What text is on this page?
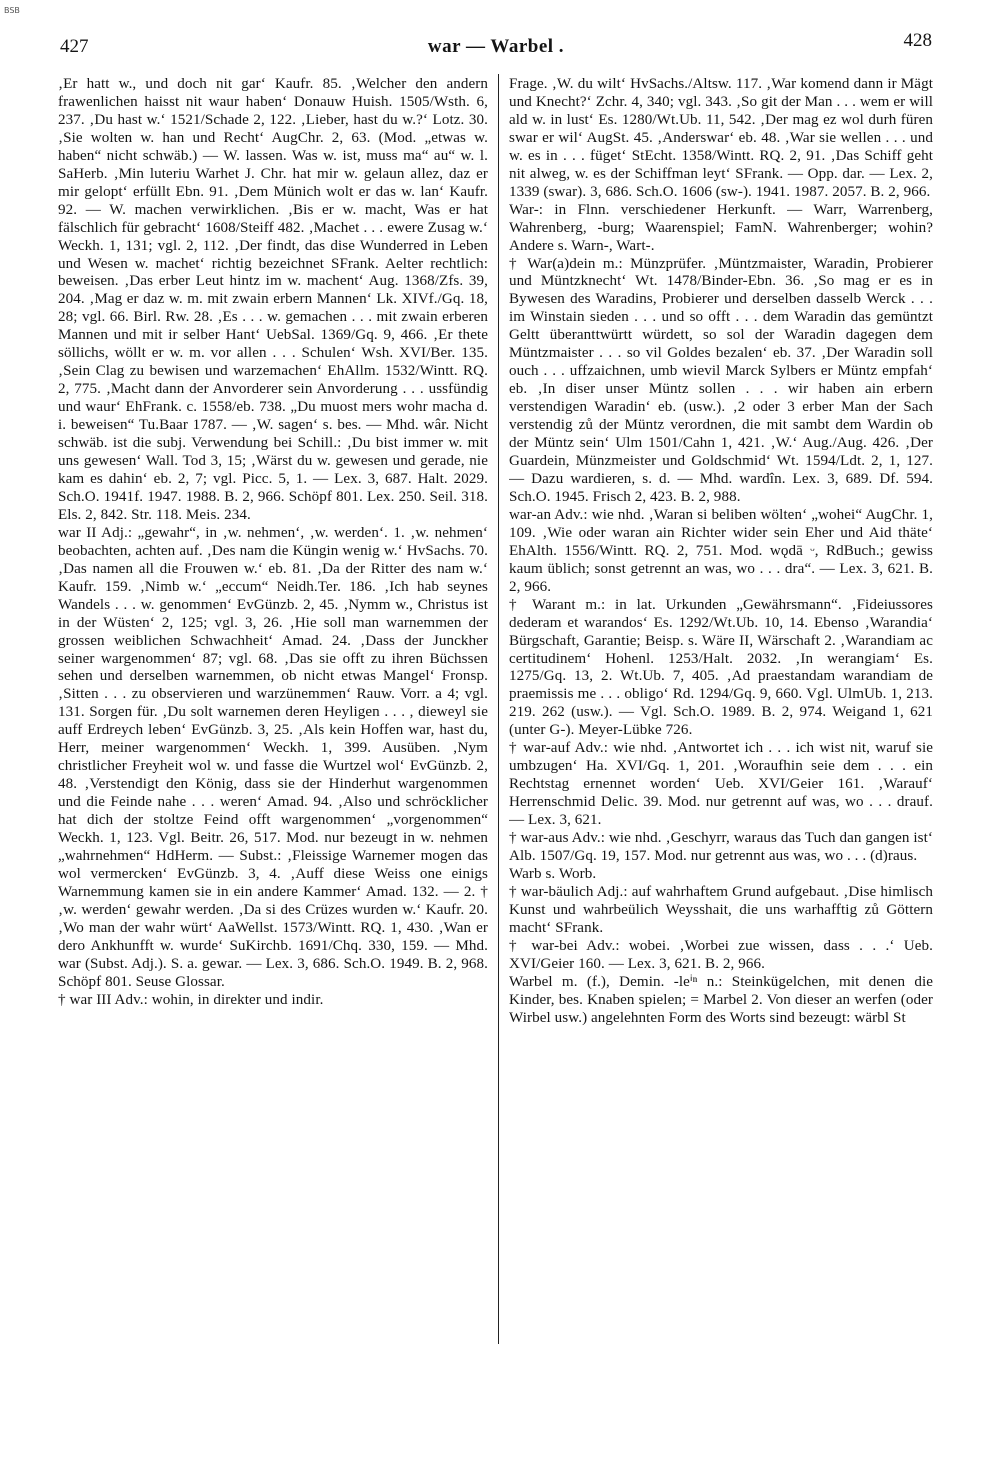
BSB
427	war — Warbel .	428

‚Er hatt w., und doch nit gar‘ Kaufr. 85. ‚Welcher den andern frawenlichen haisst nit waur haben‘ Donauw Huish. 1505/Wsth. 6, 237. ‚Du hast w.‘ 1521/Schade 2, 122. ‚Lieber, hast du w.?‘ Lotz. 30. ‚Sie wolten w. han und Recht‘ AugChr. 2, 63. (Mod. „etwas w. haben“ nicht schwäb.) — W. lassen. Was w. ist, muss ma“ au“ w. l. SaHerb. ‚Min luteriu Warhet J. Chr. hat mir w. gelaun allez, daz er mir gelopt‘ erfüllt Ebn. 91. ‚Dem Münich wolt er das w. lan‘ Kaufr. 92. — W. machen verwirklichen. ‚Bis er w. macht, Was er hat fälschlich für gebracht‘ 1608/Steiff 482. ‚Machet . . . ewere Zusag w.‘ Weckh. 1, 131; vgl. 2, 112. ‚Der findt, das dise Wunderred in Leben und Wesen w. machet‘ richtig bezeichnet SFrank. Aelter rechtlich: beweisen. ‚Das erber Leut hintz im w. machent‘ Aug. 1368/Zfs. 39, 204. ‚Mag er daz w. m. mit zwain erbern Mannen‘ Lk. XIVf./Gq. 18, 28; vgl. 66. Birl. Rw. 28. ‚Es . . . w. gemachen . . . mit zwain erberen Mannen und mit ir selber Hant‘ UebSal. 1369/Gq. 9, 466. ‚Er thete söllichs, wöllt er w. m. vor allen . . . Schulen‘ Wsh. XVI/Ber. 135. ‚Sein Clag zu bewisen und warzemachen‘ EhAllm. 1532/Wintt. RQ. 2, 775. ‚Macht dann der Anvorderer sein Anvorderung . . . ussfündig und waur‘ EhFrank. c. 1558/eb. 738. „Du muost mers wohr macha d. i. beweisen“ Tu.Baar 1787. — ‚W. sagen‘ s. bes. — Mhd. wâr. Nicht schwäb. ist die subj. Verwendung bei Schill.: ‚Du bist immer w. mit uns gewesen‘ Wall. Tod 3, 15; ‚Wärst du w. gewesen und gerade, nie kam es dahin‘ eb. 2, 7; vgl. Picc. 5, 1. — Lex. 3, 687. Halt. 2029. Sch.O. 1941f. 1947. 1988. B. 2, 966. Schöpf 801. Lex. 250. Seil. 318. Els. 2, 842. Str. 118. Meis. 234.

war II Adj.: „gewahr“, in ‚w. nehmen‘, ‚w. werden‘. 1. ‚w. nehmen‘ beobachten, achten auf. ‚Des nam die Küngin wenig w.‘ HvSachs. 70. ‚Das namen all die Frouwen w.‘ eb. 81. ‚Da der Ritter des nam w.‘ Kaufr. 159. ‚Nimb w.‘ „eccum“ Neidh.Ter. 186. ‚Ich hab seynes Wandels . . . w. genommen‘ EvGünzb. 2, 45. ‚Nymm w., Christus ist in der Wüsten‘ 2, 125; vgl. 3, 26. ‚Hie soll man warnemmen der grossen weiblichen Schwachheit‘ Amad. 24. ‚Dass der Junckher seiner wargenommen‘ 87; vgl. 68. ‚Das sie offt zu ihren Büchssen sehen und derselben warnemmen, ob nicht etwas Mangel‘ Fronsp. ‚Sitten . . . zu observieren und warzünemmen‘ Rauw. Vorr. a 4; vgl. 131. Sorgen für. ‚Du solt warnemen deren Heyligen . . . , dieweyl sie auff Erdreych leben‘ EvGünzb. 3, 25. ‚Als kein Hoffen war, hast du, Herr, meiner wargenommen‘ Weckh. 1, 399. Ausüben. ‚Nym christlicher Freyheit wol w. und fasse die Wurtzel wol‘ EvGünzb. 2, 48. ‚Verstendigt den König, dass sie der Hinderhut wargenommen und die Feinde nahe . . . weren‘ Amad. 94. ‚Also und schröcklicher hat dich der stoltze Feind offt wargenommen‘ „vorgenommen“ Weckh. 1, 123. Vgl. Beitr. 26, 517. Mod. nur bezeugt in w. nehmen „wahrnehmen“ HdHerm. — Subst.: ‚Fleissige Warnemer mogen das wol vermercken‘ EvGünzb. 3, 4. ‚Auff diese Weiss one einigs Warnemmung kamen sie in ein andere Kammer‘ Amad. 132. — 2. † ‚w. werden‘ gewahr werden. ‚Da si des Crüzes wurden w.‘ Kaufr. 20. ‚Wo man der wahr würt‘ AaWellst. 1573/Wintt. RQ. 1, 430. ‚Wan er dero Ankhunfft w. wurde‘ SuKirchb. 1691/Chq. 330, 159. — Mhd. war (Subst. Adj.). S. a. gewar. — Lex. 3, 686. Sch.O. 1949. B. 2, 968. Schöpf 801. Seuse Glossar.

† war III Adv.: wohin, in direkter und indir.

Frage. ‚W. du wilt‘ HvSachs./Altsw. 117. ‚War komend dann ir Mägt und Knecht?‘ Zchr. 4, 340; vgl. 343. ‚So git der Man . . . wem er will ald w. in lust‘ Es. 1280/Wt.Ub. 11, 542. ‚Der mag ez wol durh füren swar er wil‘ AugSt. 45. ‚Anderswar‘ eb. 48. ‚War sie wellen . . . und w. es in . . . füget‘ StEcht. 1358/Wintt. RQ. 2, 91. ‚Das Schiff geht nit alweg, w. es der Schiffman leyt‘ SFrank. — Opp. dar. — Lex. 2, 1339 (swar). 3, 686. Sch.O. 1606 (sw-). 1941. 1987. 2057. B. 2, 966.

War-: in Flnn. verschiedener Herkunft. — Warr, Warrenberg, Wahrenberg, -burg; Waarenspiel; FamN. Wahrenberger; wohin? Andere s. Warn-, Wart-.

† War(a)dein m.: Münzprüfer. ‚Müntzmaister, Waradin, Probierer und Müntzknecht‘ Wt. 1478/Binder-Ebn. 36. ‚So mag er es in Bywesen des Waradins, Probierer und derselben dasselb Werck . . . im Winstain sieden . . . und so offt . . . dem Waradin das gemüntzt Geltt überanttwürtt würdett, so sol der Waradin dagegen dem Müntzmaister . . . so vil Goldes bezalen‘ eb. 37. ‚Der Waradin soll ouch . . . uffzaichnen, umb wievil Marck Sylbers er Müntz empfah‘ eb. ‚In diser unser Müntz sollen . . . wir haben ain erbern verstendigen Waradin‘ eb. (usw.). ‚2 oder 3 erber Man der Sach verstendig zů der Müntz verordnen, die mit sambt dem Wardin ob der Müntz sein‘ Ulm 1501/Cahn 1, 421. ‚W.‘ Aug./Aug. 426. ‚Der Guardein, Münzmeister und Goldschmid‘ Wt. 1594/Ldt. 2, 1, 127. — Dazu wardieren, s. d. — Mhd. wardîn. Lex. 3, 689. Df. 594. Sch.O. 1945. Frisch 2, 423. B. 2, 988.

war-an Adv.: wie nhd. ‚Waran si beliben wölten‘ „wohei“ AugChr. 1, 109. ‚Wie oder waran ain Richter wider sein Eher und Aid thäte‘ EhAlth. 1556/Wintt. RQ. 2, 751. Mod. wǫdā ᵕ, RdBuch.; gewiss kaum üblich; sonst getrennt an was, wo . . . dra“. — Lex. 3, 621. B. 2, 966.

† Warant m.: in lat. Urkunden „Gewährsmann“. ‚Fideiussores dederam et warandos‘ Es. 1292/Wt.Ub. 10, 14. Ebenso ‚Warandia‘ Bürgschaft, Garantie; Beisp. s. Wäre II, Wärschaft 2. ‚Warandiam ac certitudinem‘ Hohenl. 1253/Halt. 2032. ‚In werangiam‘ Es. 1275/Gq. 13, 2. Wt.Ub. 7, 405. ‚Ad praestandam warandiam de praemissis me . . . obligo‘ Rd. 1294/Gq. 9, 660. Vgl. UlmUb. 1, 213. 219. 262 (usw.). — Vgl. Sch.O. 1989. B. 2, 974. Weigand 1, 621 (unter G-). Meyer-Lübke 726.

† war-auf Adv.: wie nhd. ‚Antwortet ich . . . ich wist nit, waruf sie umbzugen‘ Ha. XVI/Gq. 1, 201. ‚Woraufhin seie dem . . . ein Rechtstag ernennet worden‘ Ueb. XVI/Geier 161. ‚Warauf‘ Herrenschmid Delic. 39. Mod. nur getrennt auf was, wo . . . drauf. — Lex. 3, 621.

† war-aus Adv.: wie nhd. ‚Geschyrr, waraus das Tuch dan gangen ist‘ Alb. 1507/Gq. 19, 157. Mod. nur getrennt aus was, wo . . . (d)raus.

Warb s. Worb.

† war-bäulich Adj.: auf wahrhaftem Grund aufgebaut. ‚Dise himlisch Kunst und wahrbeülich Weysshait, die uns warhafftig zů Göttern macht‘ SFrank.

† war-bei Adv.: wobei. ‚Worbei zue wissen, dass . . .‘ Ueb. XVI/Geier 160. — Lex. 3, 621. B. 2, 966.

Warbel m. (f.), Demin. -leⁱⁿ n.: Steinkügelchen, mit denen die Kinder, bes. Knaben spielen; = Marbel 2. Von dieser an werfen (oder Wirbel usw.) angelehnten Form des Worts sind bezeugt: wärbl St
